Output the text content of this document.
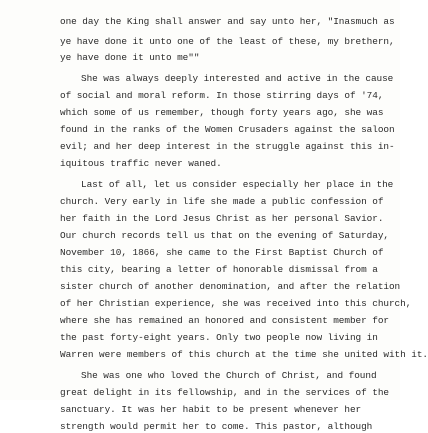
one day the King shall answer and say unto her, "Inasmuch as
ye have done it unto one of the least of these, my brethern,
ye have done it unto me""
She was always deeply interested and active in the cause
of social and moral reform. In those stirring days of '74,
which some of us remember, though forty years ago, she was
found in the ranks of the Women Crusaders against the saloon
evil; and her deep interest in the struggle against this in-
iquitous traffic never waned.
Last of all, let us consider especially her place in the
church. Very early in life she made a public confession of
her faith in the Lord Jesus Christ as her personal Savior.
Our church records tell us that on the evening of Saturday,
November 10, 1866, she came to the First Baptist Church of
this city, bearing a letter of honorable dismissal from a
sister church of another denomination, and after the relation
of her Christian experience, she was received into this church,
where she has remained an honored and consistent member for
the past forty-eight years. Only two people now living in
Warren were members of this church at the time she united with it.
She was one who loved the Church of Christ, and found
great delight in its fellowship, and in the services of the
sanctuary. It was her habit to be present whenever her
strength would permit her to come. This pastor, although
